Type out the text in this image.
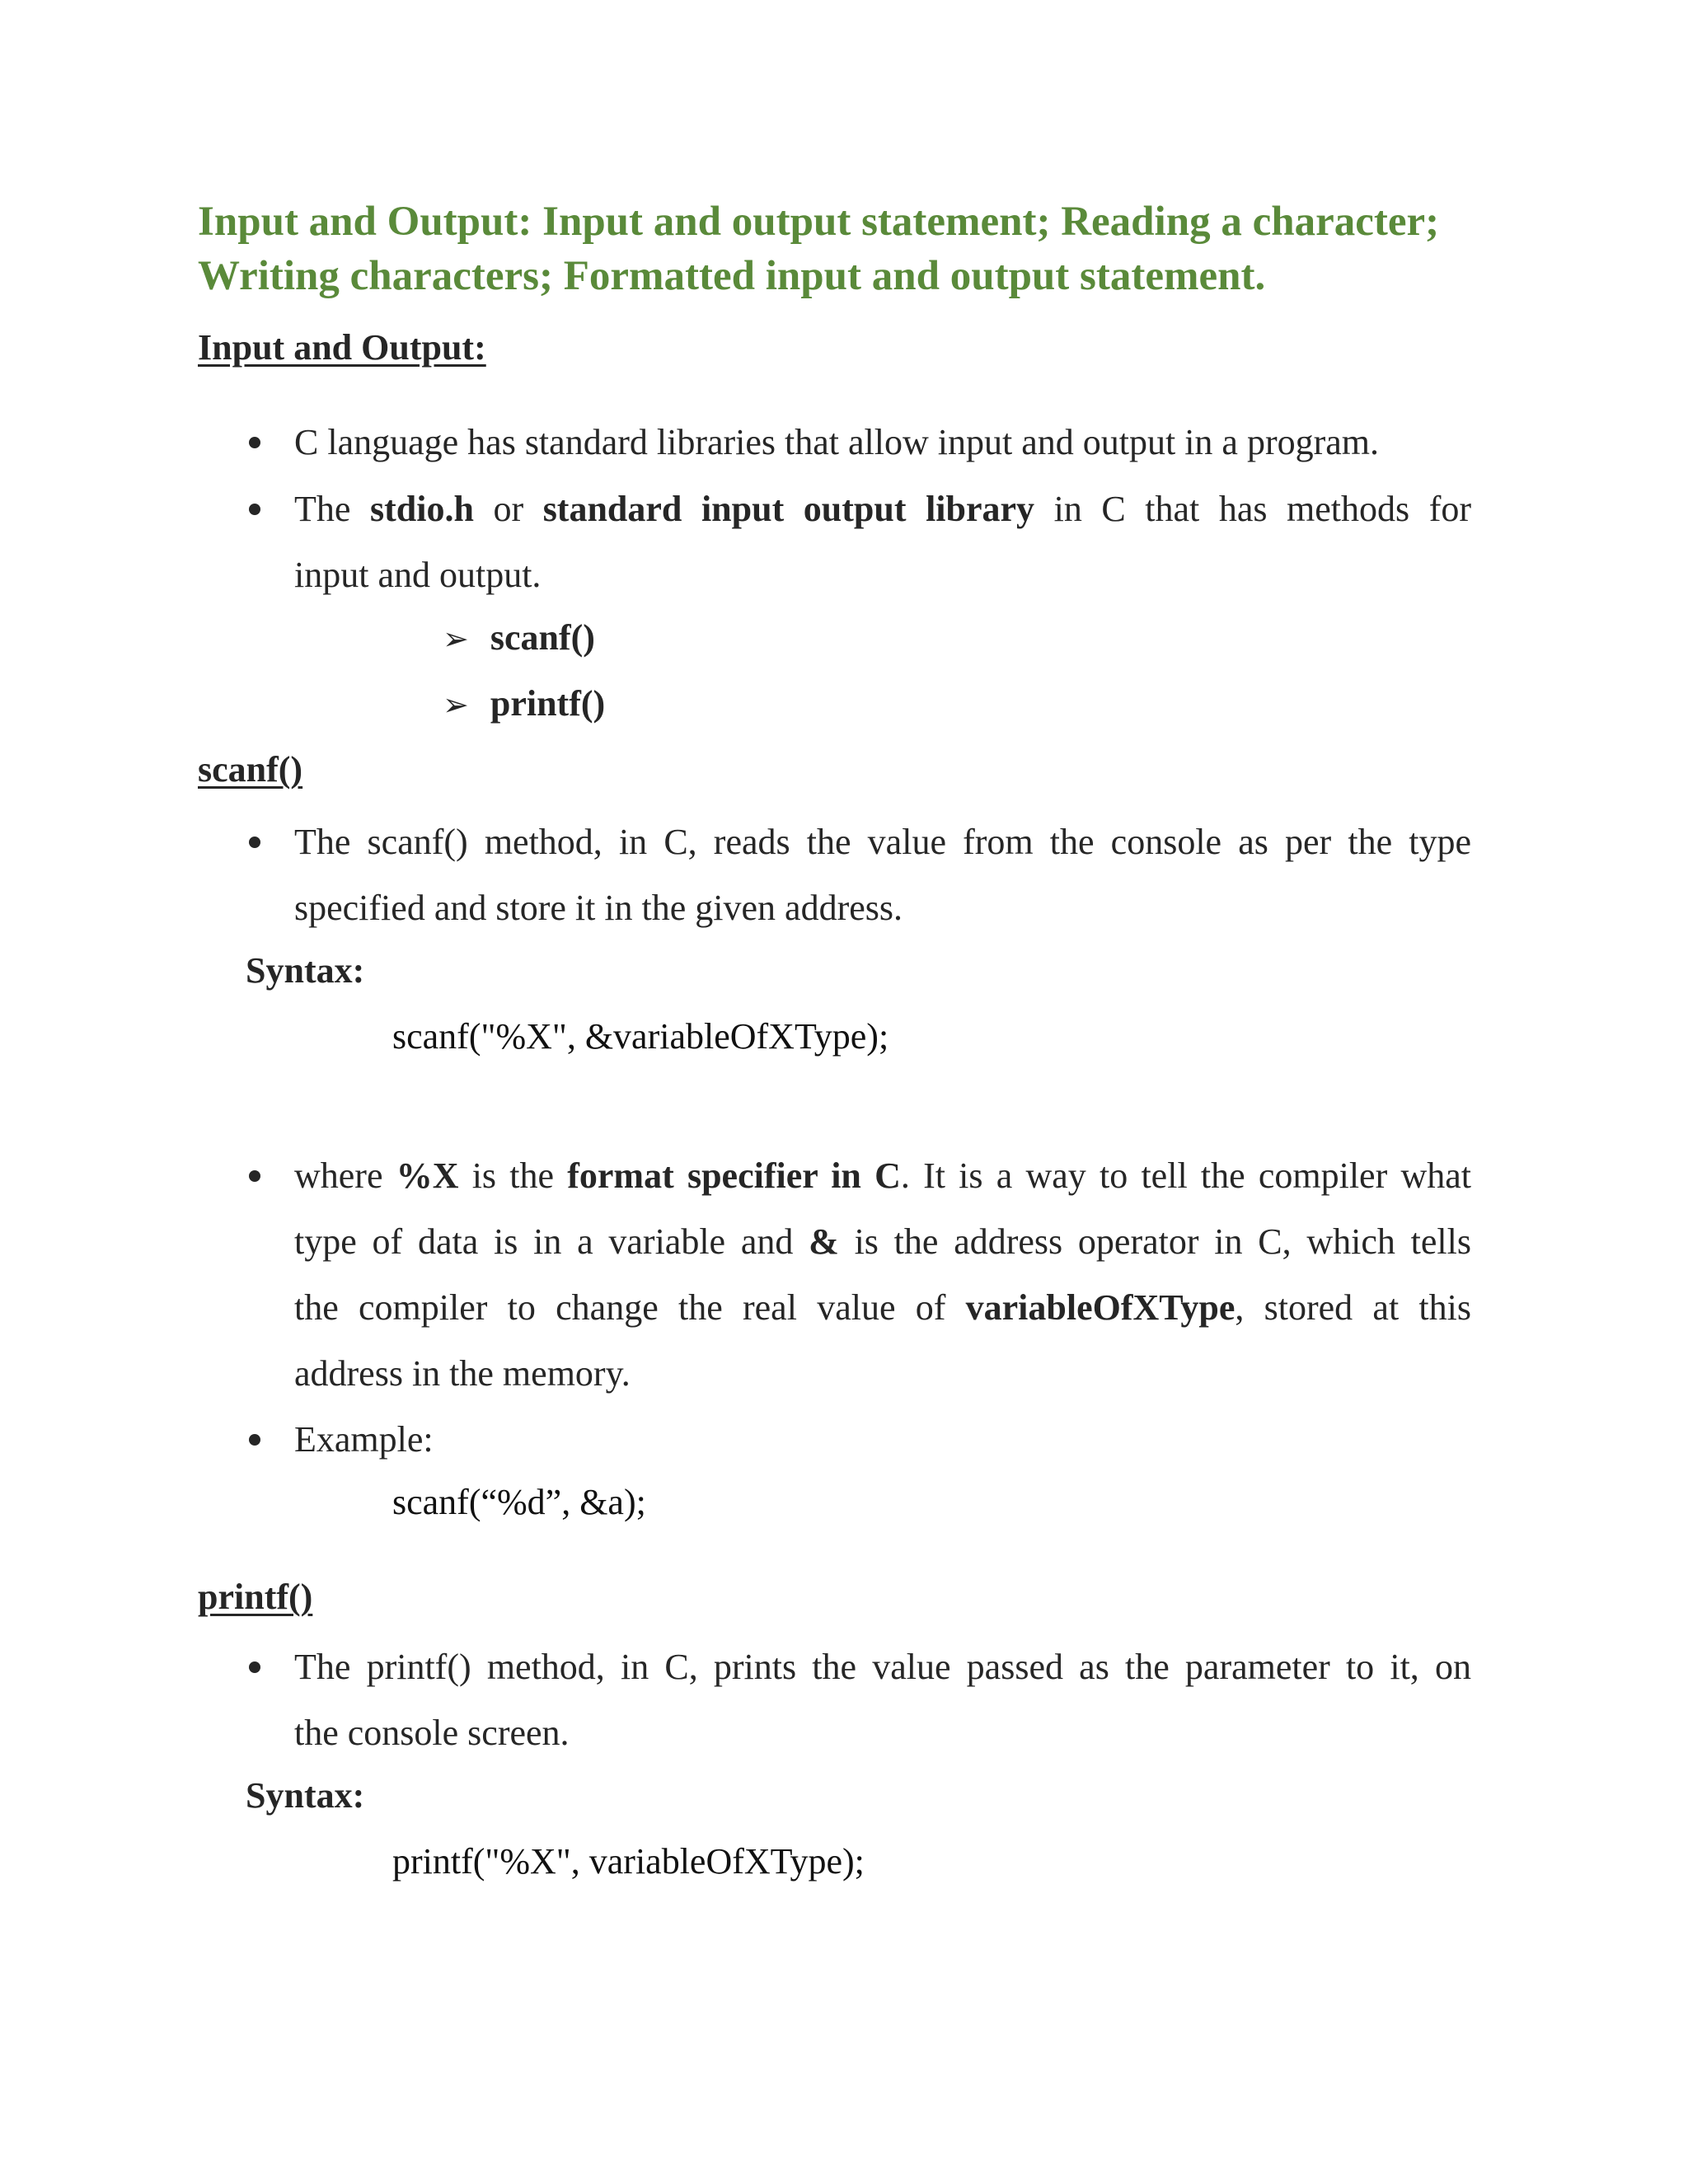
Input and Output: Input and output statement; Reading a character;
Writing characters; Formatted input and output statement.
Input and Output:
C language has standard libraries that allow input and output in a program.
The stdio.h or standard input output library in C that has methods for
input and output.
➢ scanf()
➢ printf()
scanf()
The scanf() method, in C, reads the value from the console as per the type
specified and store it in the given address.
Syntax:
scanf("%X", &variableOfXType);
where %X is the format specifier in C. It is a way to tell the compiler what
type of data is in a variable and & is the address operator in C, which tells
the compiler to change the real value of variableOfXType, stored at this
address in the memory.
Example:
scanf(“%d”, &a);
printf()
The printf() method, in C, prints the value passed as the parameter to it, on
the console screen.
Syntax:
printf("%X", variableOfXType);
